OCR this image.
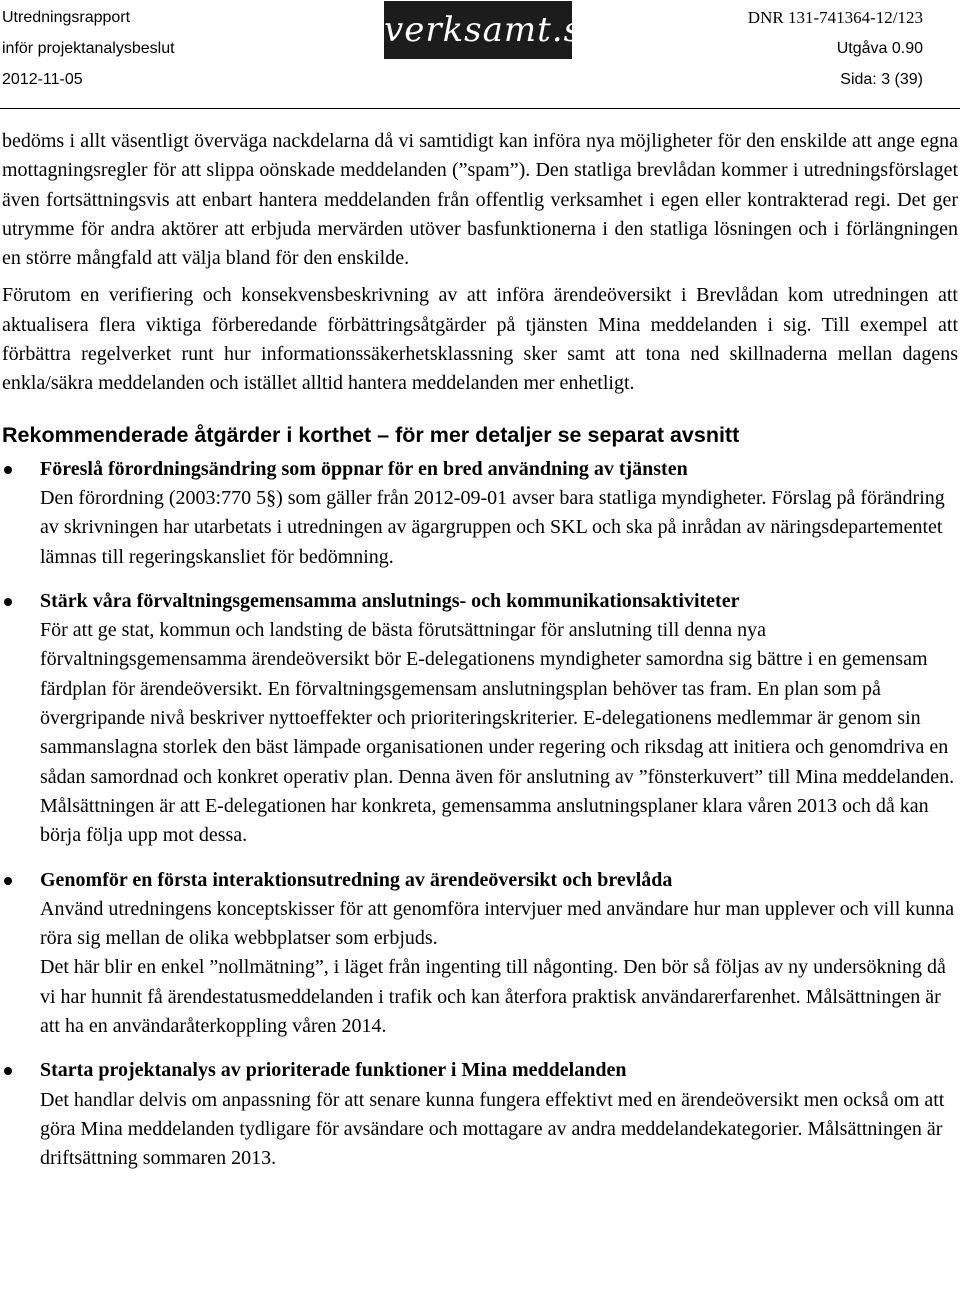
Utredningsrapport
inför projektanalysbeslut
2012-11-05
verksamt.se	DNR 131-741364-12/123
Utgåva 0.90
Sida: 3 (39)

bedöms i allt väsentligt överväga nackdelarna då vi samtidigt kan införa nya möjligheter för den enskilde att ange egna mottagningsregler för att slippa oönskade meddelanden (”spam”). Den statliga brevlådan kommer i utredningsförslaget även fortsättningsvis att enbart hantera meddelanden från offentlig verksamhet i egen eller kontrakterad regi. Det ger utrymme för andra aktörer att erbjuda mervärden utöver basfunktionerna i den statliga lösningen och i förlängningen en större mångfald att välja bland för den enskilde.

Förutom en verifiering och konsekvensbeskrivning av att införa ärendeöversikt i Brevlådan kom utredningen att aktualisera flera viktiga förberedande förbättringsåtgärder på tjänsten Mina meddelanden i sig. Till exempel att förbättra regelverket runt hur informationssäkerhetsklassning sker samt att tona ned skillnaderna mellan dagens enkla/säkra meddelanden och istället alltid hantera meddelanden mer enhetligt.

Rekommenderade åtgärder i korthet – för mer detaljer se separat avsnitt
Föreslå förordningsändring som öppnar för en bred användning av tjänsten
Den förordning (2003:770 5§) som gäller från 2012-09-01 avser bara statliga myndigheter. Förslag på förändring av skrivningen har utarbetats i utredningen av ägargruppen och SKL och ska på inrådan av näringsdepartementet lämnas till regeringskansliet för bedömning.
Stärk våra förvaltningsgemensamma anslutnings- och kommunikationsaktiviteter
För att ge stat, kommun och landsting de bästa förutsättningar för anslutning till denna nya förvaltningsgemensamma ärendeöversikt bör E-delegationens myndigheter samordna sig bättre i en gemensam färdplan för ärendeöversikt. En förvaltningsgemensam anslutningsplan behöver tas fram. En plan som på övergripande nivå beskriver nyttoeffekter och prioriteringskriterier. E-delegationens medlemmar är genom sin sammanslagna storlek den bäst lämpade organisationen under regering och riksdag att initiera och genomdriva en sådan samordnad och konkret operativ plan. Denna även för anslutning av ”fönsterkuvert” till Mina meddelanden. Målsättningen är att E-delegationen har konkreta, gemensamma anslutningsplaner klara våren 2013 och då kan börja följa upp mot dessa.
Genomför en första interaktionsutredning av ärendeöversikt och brevlåda
Använd utredningens konceptskisser för att genomföra intervjuer med användare hur man upplever och vill kunna röra sig mellan de olika webbplatser som erbjuds.
Det här blir en enkel ”nollmätning”, i läget från ingenting till någonting. Den bör så följas av ny undersökning då vi har hunnit få ärendestatusmeddelanden i trafik och kan återfora praktisk användarerfarenhet. Målsättningen är att ha en användaråterkoppling våren 2014.
Starta projektanalys av prioriterade funktioner i Mina meddelanden
Det handlar delvis om anpassning för att senare kunna fungera effektivt med en ärendeöversikt men också om att göra Mina meddelanden tydligare för avsändare och mottagare av andra meddelandekategorier. Målsättningen är driftsättning sommaren 2013.
